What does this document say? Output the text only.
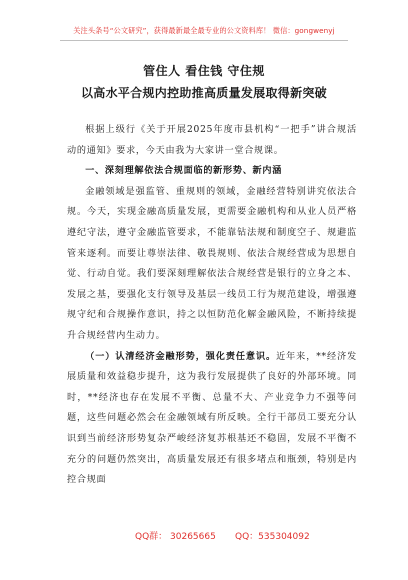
关注头条号“公文研究”，获得最新最全最专业的公文资料库！ 微信：gongwenyj
管住人 看住钱 守住规
以高水平合规内控助推高质量发展取得新突破

根据上级行《关于开展2025年度市县机构“一把手”讲合规活动的通知》要求，今天由我为大家讲一堂合规课。

一、深刻理解依法合规面临的新形势、新内涵

金融领域是强监管、重规则的领域，金融经营特别讲究依法合规。今天，实现金融高质量发展，更需要金融机构和从业人员严格遵纪守法，遵守金融监管要求，不能靠钻法规和制度空子、规避监管来逐利。而要让尊崇法律、敬畏规则、依法合规经营成为思想自觉、行动自觉。我们要深刻理解依法合规经营是银行的立身之本、发展之基，要强化支行领导及基层一线员工行为规范建设，增强遵规守纪和合规操作意识，持之以恒防范化解金融风险，不断持续提升合规经营内生动力。

（一）认清经济金融形势，强化责任意识。近年来，**经济发展质量和效益稳步提升，这为我行发展提供了良好的外部环境。同时，**经济也存在发展不平衡、总量不大、产业竞争力不强等问题，这些问题必然会在金融领域有所反映。全行干部员工要充分认识到当前经济形势复杂严峻经济复苏根基还不稳固，发展不平衡不充分的问题仍然突出，高质量发展还有很多堵点和瓶颈，特别是内控合规面

QQ群： 30265665 QQ：535304092
